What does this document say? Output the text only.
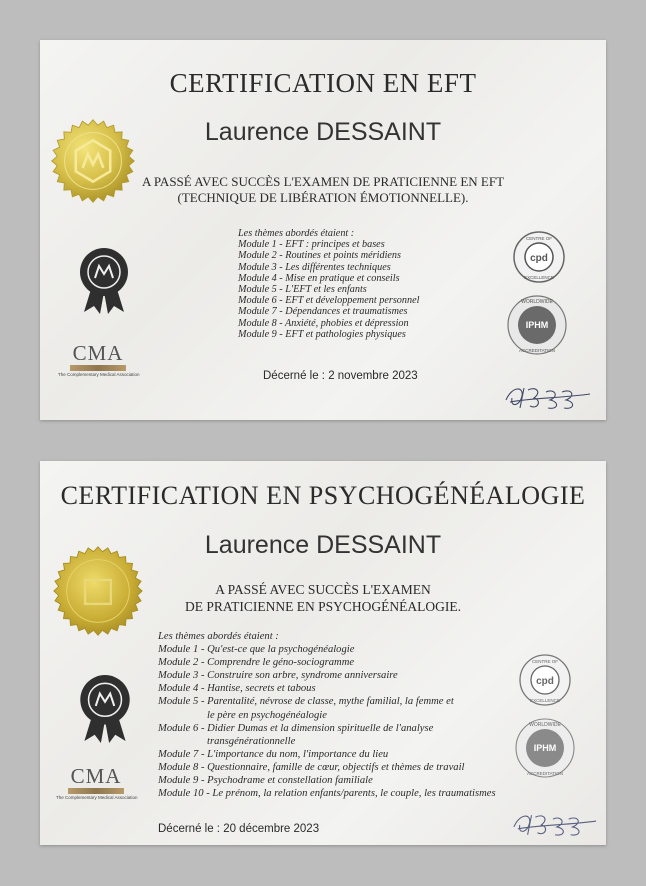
CERTIFICATION EN EFT
Laurence DESSAINT
A PASSÉ AVEC SUCCÈS L'EXAMEN DE PRATICIENNE EN EFT
(TECHNIQUE DE LIBÉRATION ÉMOTIONNELLE).
Les thèmes abordés étaient :
Module 1 - EFT : principes et bases
Module 2 - Routines et points méridiens
Module 3 - Les différentes techniques
Module 4 - Mise en pratique et conseils
Module 5 - L'EFT et les enfants
Module 6 - EFT et développement personnel
Module 7 - Dépendances et traumatismes
Module 8 - Anxiété, phobies et dépression
Module 9 - EFT et pathologies physiques
CMA
The Complementary Medical Association
cpd
CENTRE OF
EXCELLENCE
IPHM
WORLDWIDE
ACCREDITATION
Décerné le : 2 novembre 2023
CERTIFICATION EN PSYCHOGÉNÉALOGIE
Laurence DESSAINT
A PASSÉ AVEC SUCCÈS L'EXAMEN
DE PRATICIENNE EN PSYCHOGÉNÉALOGIE.
Les thèmes abordés étaient :
Module 1 - Qu'est-ce que la psychogénéalogie
Module 2 - Comprendre le géno-sociogramme
Module 3 - Construire son arbre, syndrome anniversaire
Module 4 - Hantise, secrets et tabous
Module 5 - Parentalité, névrose de classe, mythe familial, la femme et
le père en psychogénéalogie
Module 6 - Didier Dumas et la dimension spirituelle de l'analyse
transgénérationnelle
Module 7 - L'importance du nom, l'importance du lieu
Module 8 - Questionnaire, famille de cœur, objectifs et thèmes de travail
Module 9 - Psychodrame et constellation familiale
Module 10 - Le prénom, la relation enfants/parents, le couple, les traumatismes
CMA
The Complementary Medical Association
cpd
CENTRE OF
EXCELLENCE
IPHM
WORLDWIDE
ACCREDITATION
Décerné le : 20 décembre 2023
